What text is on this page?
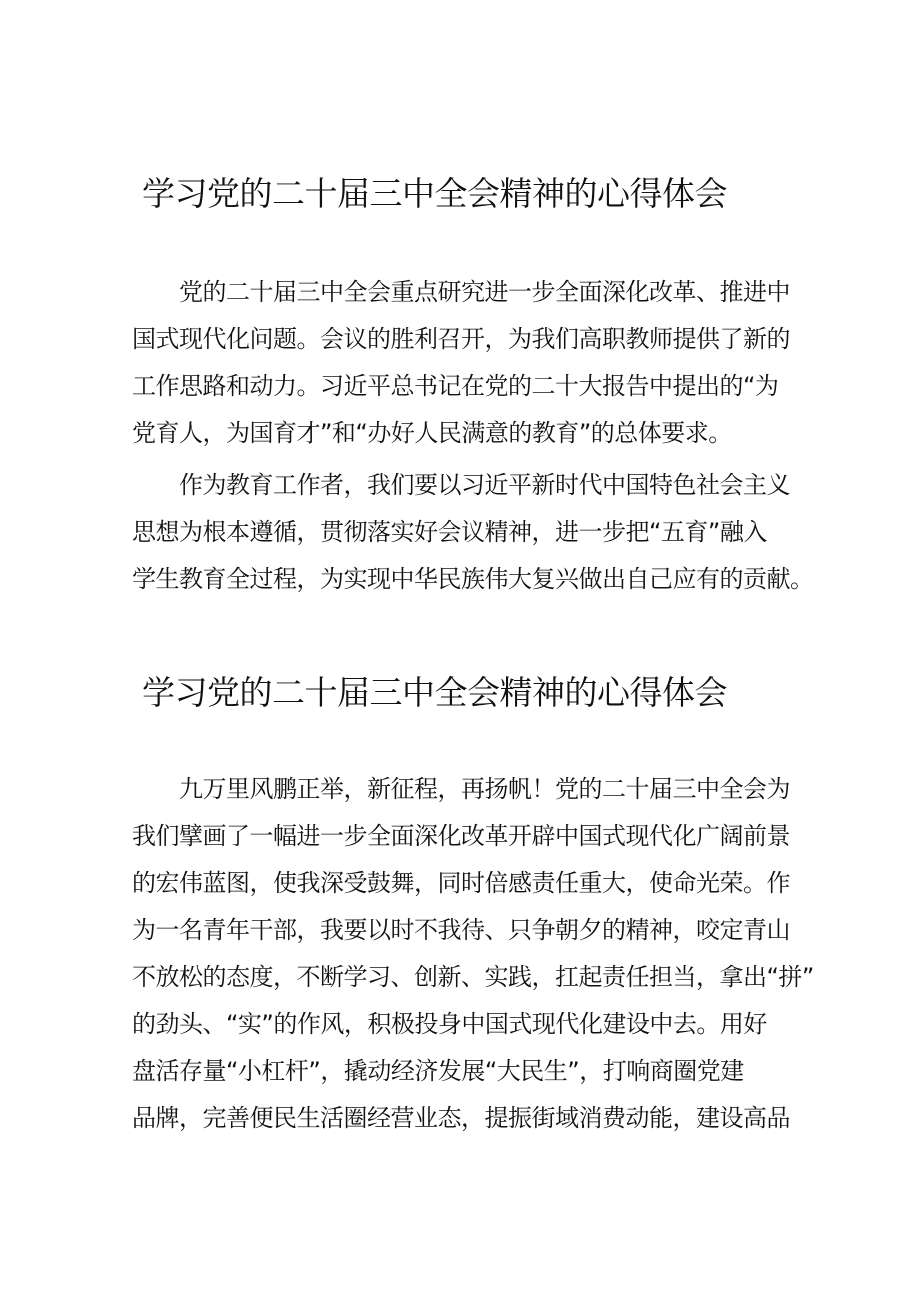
学习党的二十届三中全会精神的心得体会

　　党的二十届三中全会重点研究进一步全面深化改革、推进中

国式现代化问题。会议的胜利召开，为我们高职教师提供了新的

工作思路和动力。习近平总书记在党的二十大报告中提出的“为

党育人，为国育才”和“办好人民满意的教育”的总体要求。

　　作为教育工作者，我们要以习近平新时代中国特色社会主义

思想为根本遵循，贯彻落实好会议精神，进一步把“五育”融入

学生教育全过程，为实现中华民族伟大复兴做出自己应有的贡献。

学习党的二十届三中全会精神的心得体会

　　九万里风鹏正举，新征程，再扬帆！党的二十届三中全会为

我们擘画了一幅进一步全面深化改革开辟中国式现代化广阔前景

的宏伟蓝图，使我深受鼓舞，同时倍感责任重大，使命光荣。作

为一名青年干部，我要以时不我待、只争朝夕的精神，咬定青山

不放松的态度，不断学习、创新、实践，扛起责任担当，拿出“拼”

的劲头、“实”的作风，积极投身中国式现代化建设中去。用好

盘活存量“小杠杆”，撬动经济发展“大民生”，打响商圈党建

品牌，完善便民生活圈经营业态，提振街域消费动能，建设高品
